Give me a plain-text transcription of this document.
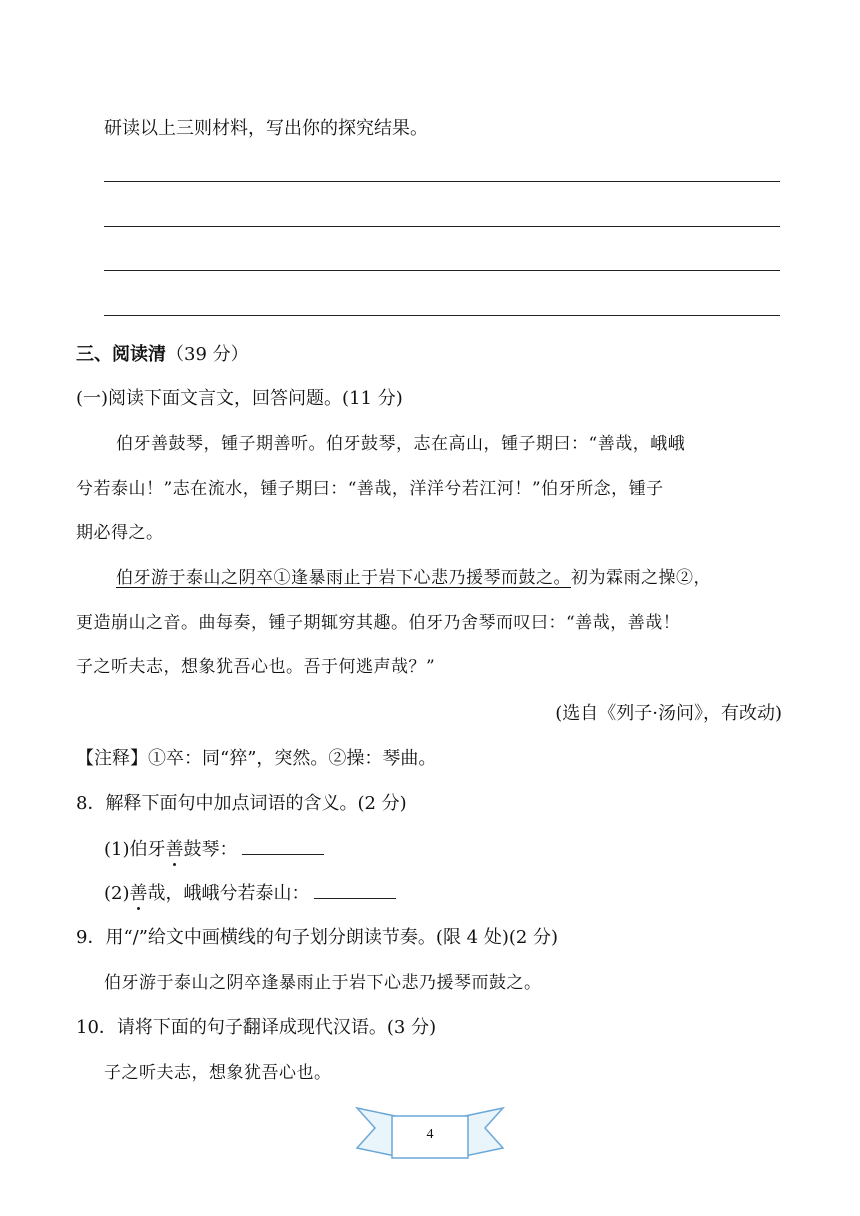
研读以上三则材料，写出你的探究结果。
三、阅读清（39 分）
(一)阅读下面文言文，回答问题。(11 分)
伯牙善鼓琴，锺子期善听。伯牙鼓琴，志在高山，锺子期曰：“善哉，峨峨
兮若泰山！”志在流水，锺子期曰：“善哉，洋洋兮若江河！”伯牙所念，锺子
期必得之。
伯牙游于泰山之阴卒①逢暴雨止于岩下心悲乃援琴而鼓之。初为霖雨之操②，
更造崩山之音。曲每奏，锺子期辄穷其趣。伯牙乃舍琴而叹曰：“善哉，善哉！
子之听夫志，想象犹吾心也。吾于何逃声哉？”
(选自《列子·汤问》，有改动)
【注释】①卒：同“猝”，突然。②操：琴曲。
8．解释下面句中加点词语的含义。(2 分)
(1)伯牙善鼓琴：
(2)善哉，峨峨兮若泰山：
9．用“/”给文中画横线的句子划分朗读节奏。(限 4 处)(2 分)
伯牙游于泰山之阴卒逢暴雨止于岩下心悲乃援琴而鼓之。
10．请将下面的句子翻译成现代汉语。(3 分)
子之听夫志，想象犹吾心也。
4
